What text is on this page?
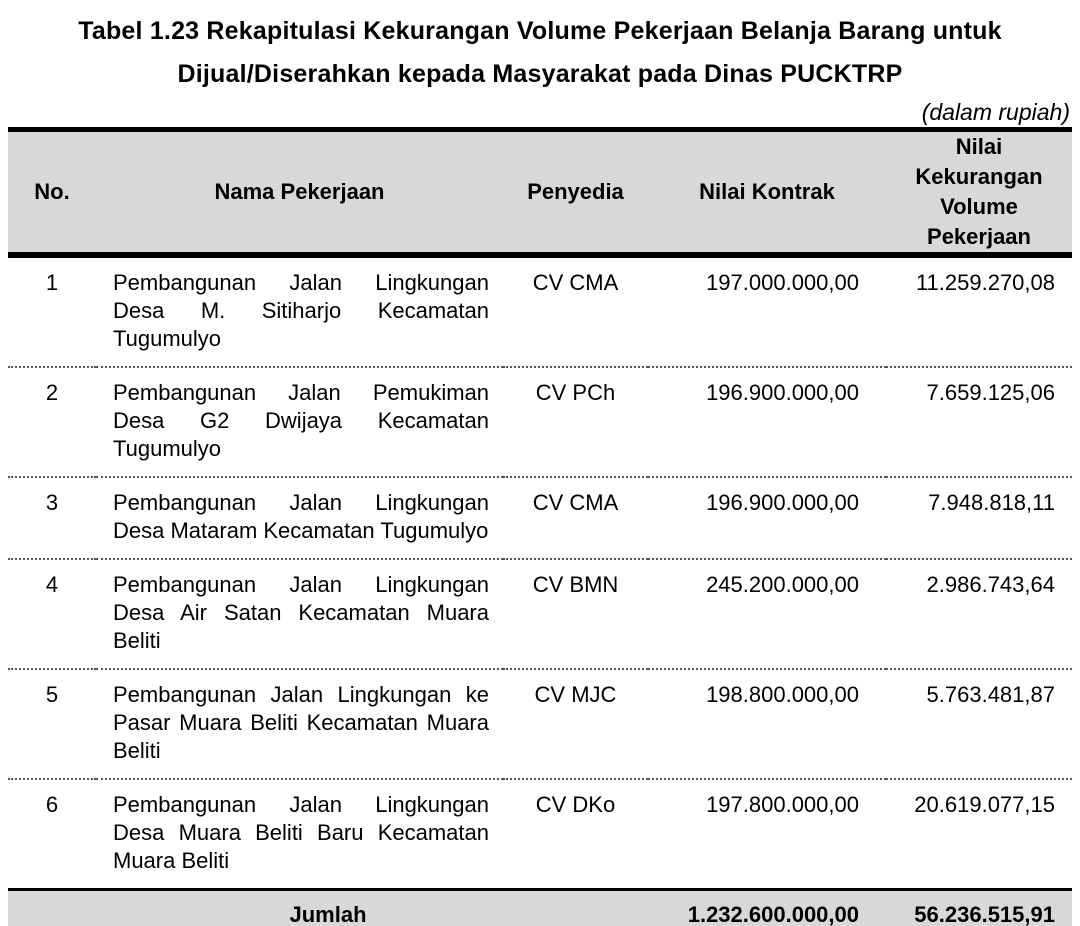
Tabel 1.23 Rekapitulasi Kekurangan Volume Pekerjaan Belanja Barang untuk Dijual/Diserahkan kepada Masyarakat pada Dinas PUCKTRP
(dalam rupiah)
No.	Nama Pekerjaan	Penyedia	Nilai Kontrak	Nilai Kekurangan Volume Pekerjaan
1	Pembangunan Jalan Lingkungan Desa M. Sitiharjo Kecamatan Tugumulyo	CV CMA	197.000.000,00	11.259.270,08
2	Pembangunan Jalan Pemukiman Desa G2 Dwijaya Kecamatan Tugumulyo	CV PCh	196.900.000,00	7.659.125,06
3	Pembangunan Jalan Lingkungan Desa Mataram Kecamatan Tugumulyo	CV CMA	196.900.000,00	7.948.818,11
4	Pembangunan Jalan Lingkungan Desa Air Satan Kecamatan Muara Beliti	CV BMN	245.200.000,00	2.986.743,64
5	Pembangunan Jalan Lingkungan ke Pasar Muara Beliti Kecamatan Muara Beliti	CV MJC	198.800.000,00	5.763.481,87
6	Pembangunan Jalan Lingkungan Desa Muara Beliti Baru Kecamatan Muara Beliti	CV DKo	197.800.000,00	20.619.077,15
Jumlah			1.232.600.000,00	56.236.515,91
